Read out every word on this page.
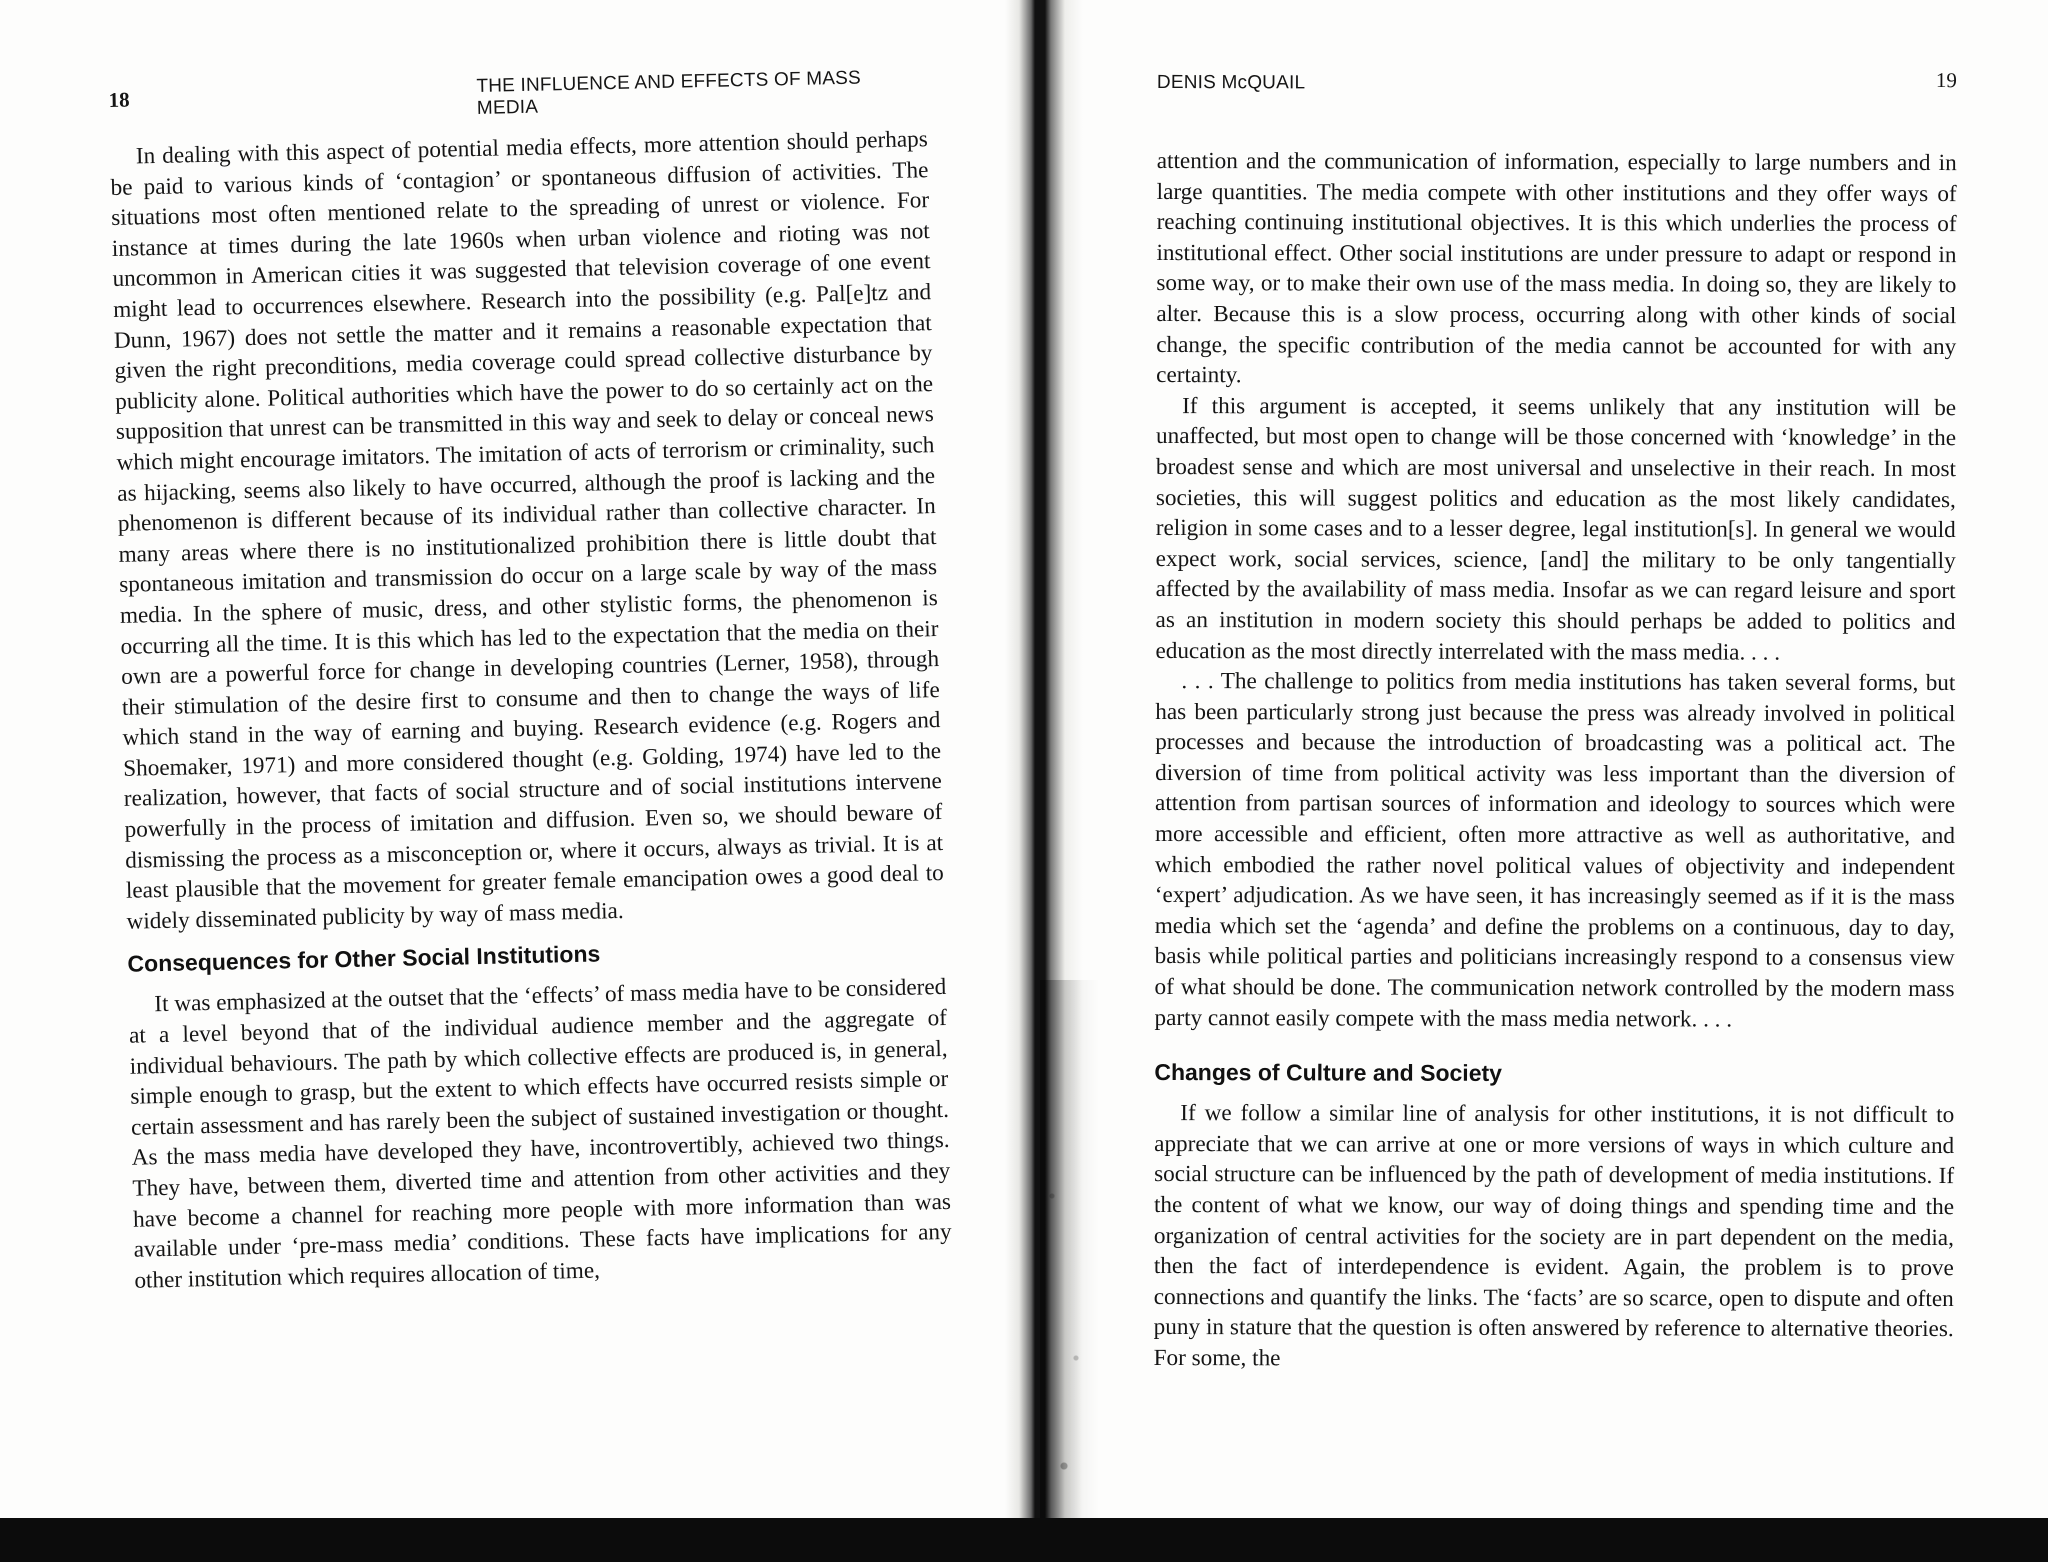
18
THE INFLUENCE AND EFFECTS OF MASS MEDIA

In dealing with this aspect of potential media effects, more attention should perhaps be paid to various kinds of ‘contagion’ or spontaneous diffusion of activities. The situations most often mentioned relate to the spreading of unrest or violence. For instance at times during the late 1960s when urban violence and rioting was not uncommon in American cities it was suggested that television coverage of one event might lead to occurrences elsewhere. Research into the possibility (e.g. Pal[e]tz and Dunn, 1967) does not settle the matter and it remains a reasonable expectation that given the right preconditions, media coverage could spread collective disturbance by publicity alone. Political authorities which have the power to do so certainly act on the supposition that unrest can be transmitted in this way and seek to delay or conceal news which might encourage imitators. The imitation of acts of terrorism or criminality, such as hijacking, seems also likely to have occurred, although the proof is lacking and the phenomenon is different because of its individual rather than collective character. In many areas where there is no institutionalized prohibition there is little doubt that spontaneous imitation and transmission do occur on a large scale by way of the mass media. In the sphere of music, dress, and other stylistic forms, the phenomenon is occurring all the time. It is this which has led to the expectation that the media on their own are a powerful force for change in developing countries (Lerner, 1958), through their stimulation of the desire first to consume and then to change the ways of life which stand in the way of earning and buying. Research evidence (e.g. Rogers and Shoemaker, 1971) and more considered thought (e.g. Golding, 1974) have led to the realization, however, that facts of social structure and of social institutions intervene powerfully in the process of imitation and diffusion. Even so, we should beware of dismissing the process as a misconception or, where it occurs, always as trivial. It is at least plausible that the movement for greater female emancipation owes a good deal to widely disseminated publicity by way of mass media.

Consequences for Other Social Institutions

It was emphasized at the outset that the ‘effects’ of mass media have to be considered at a level beyond that of the individual audience member and the aggregate of individual behaviours. The path by which collective effects are produced is, in general, simple enough to grasp, but the extent to which effects have occurred resists simple or certain assessment and has rarely been the subject of sustained investigation or thought. As the mass media have developed they have, incontrovertibly, achieved two things. They have, between them, diverted time and attention from other activities and they have become a channel for reaching more people with more information than was available under ‘pre-mass media’ conditions. These facts have implications for any other institution which requires allocation of time,

DENIS McQUAIL	19

attention and the communication of information, especially to large numbers and in large quantities. The media compete with other institutions and they offer ways of reaching continuing institutional objectives. It is this which underlies the process of institutional effect. Other social institutions are under pressure to adapt or respond in some way, or to make their own use of the mass media. In doing so, they are likely to alter. Because this is a slow process, occurring along with other kinds of social change, the specific contribution of the media cannot be accounted for with any certainty.

If this argument is accepted, it seems unlikely that any institution will be unaffected, but most open to change will be those concerned with ‘knowledge’ in the broadest sense and which are most universal and unselective in their reach. In most societies, this will suggest politics and education as the most likely candidates, religion in some cases and to a lesser degree, legal institution[s]. In general we would expect work, social services, science, [and] the military to be only tangentially affected by the availability of mass media. Insofar as we can regard leisure and sport as an institution in modern society this should perhaps be added to politics and education as the most directly interrelated with the mass media. . . .

. . . The challenge to politics from media institutions has taken several forms, but has been particularly strong just because the press was already involved in political processes and because the introduction of broadcasting was a political act. The diversion of time from political activity was less important than the diversion of attention from partisan sources of information and ideology to sources which were more accessible and efficient, often more attractive as well as authoritative, and which embodied the rather novel political values of objectivity and independent ‘expert’ adjudication. As we have seen, it has increasingly seemed as if it is the mass media which set the ‘agenda’ and define the problems on a continuous, day to day, basis while political parties and politicians increasingly respond to a consensus view of what should be done. The communication network controlled by the modern mass party cannot easily compete with the mass media network. . . .

Changes of Culture and Society

If we follow a similar line of analysis for other institutions, it is not difficult to appreciate that we can arrive at one or more versions of ways in which culture and social structure can be influenced by the path of development of media institutions. If the content of what we know, our way of doing things and spending time and the organization of central activities for the society are in part dependent on the media, then the fact of interdependence is evident. Again, the problem is to prove connections and quantify the links. The ‘facts’ are so scarce, open to dispute and often puny in stature that the question is often answered by reference to alternative theories. For some, the
